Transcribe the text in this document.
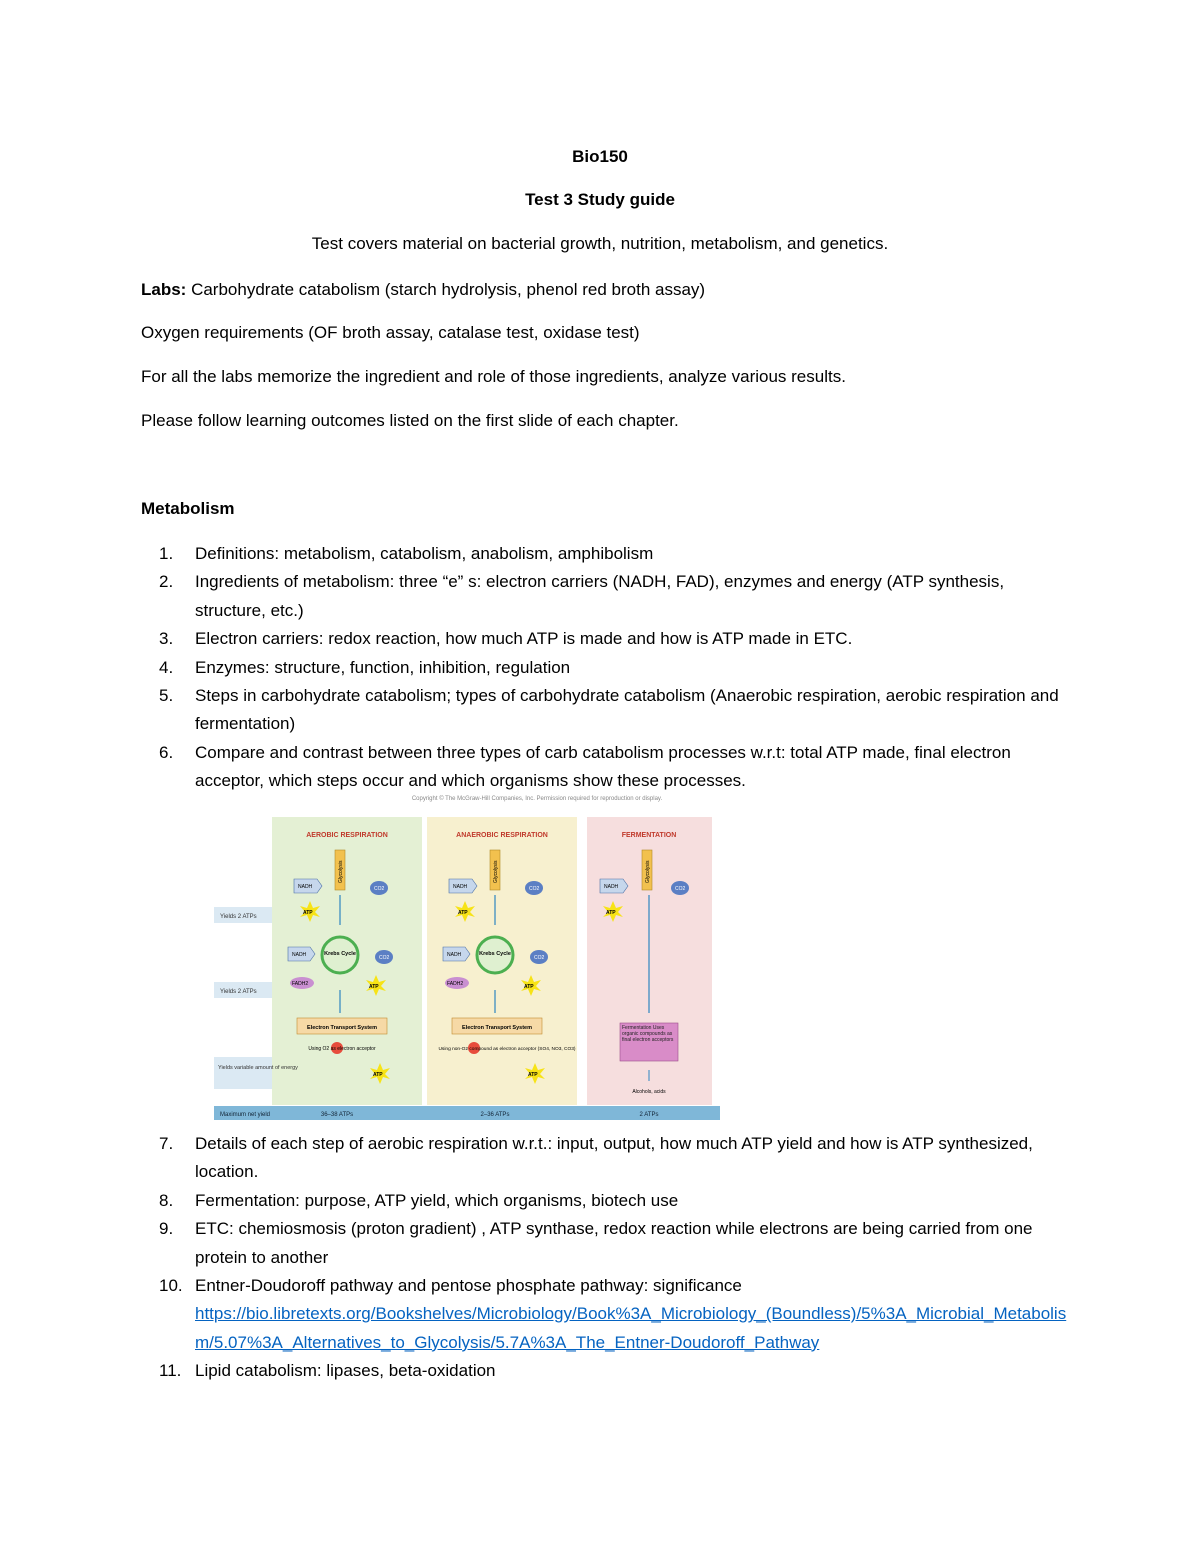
Bio150
Test 3 Study guide
Test covers material on bacterial growth, nutrition, metabolism, and genetics.
Labs: Carbohydrate catabolism (starch hydrolysis, phenol red broth assay)
Oxygen requirements (OF broth assay, catalase test, oxidase test)
For all the labs memorize the ingredient and role of those ingredients, analyze various results.
Please follow learning outcomes listed on the first slide of each chapter.
Metabolism
1.	Definitions: metabolism, catabolism, anabolism, amphibolism
2.	Ingredients of metabolism: three “e” s: electron carriers (NADH, FAD), enzymes and energy (ATP synthesis, structure, etc.)
3.	Electron carriers: redox reaction, how much ATP is made and how is ATP made in ETC.
4.	Enzymes: structure, function, inhibition, regulation
5.	Steps in carbohydrate catabolism; types of carbohydrate catabolism (Anaerobic respiration, aerobic respiration and fermentation)
6.	Compare and contrast between three types of carb catabolism processes w.r.t: total ATP made, final electron acceptor, which steps occur and which organisms show these processes.
Copyright © The McGraw-Hill Companies, Inc. Permission required for reproduction or display.
AEROBIC RESPIRATION	ANAEROBIC RESPIRATION	FERMENTATION
Yields 2 ATPs
Yields 2 ATPs
Yields variable amount of energy
Glycolysis
NADH	CO2
ATP
Krebs Cycle
NADH
FADH2
CO2
ATP
Electron Transport System
Using O2 as electron acceptor
ATP
Glycolysis
NADH	CO2
ATP
Krebs Cycle
NADH
FADH2
CO2
ATP
Electron Transport System
Using non-O2 compound as electron acceptor (SO4, NO3, CO3)
ATP
Glycolysis
NADH	CO2
ATP
Fermentation Uses organic compounds as final electron acceptors
Alcohols, acids
Maximum net yield	36–38 ATPs	2–36 ATPs	2 ATPs
7.	Details of each step of aerobic respiration w.r.t.: input, output, how much ATP yield and how is ATP synthesized, location.
8.	Fermentation: purpose, ATP yield, which organisms, biotech use
9.	ETC: chemiosmosis (proton gradient) , ATP synthase, redox reaction while electrons are being carried from one protein to another
10. Entner-Doudoroff pathway and pentose phosphate pathway: significance
https://bio.libretexts.org/Bookshelves/Microbiology/Book%3A_Microbiology_(Boundless)/5%3A_Microbial_Metabolism/5.07%3A_Alternatives_to_Glycolysis/5.7A%3A_The_Entner-Doudoroff_Pathway
11. Lipid catabolism: lipases, beta-oxidation
